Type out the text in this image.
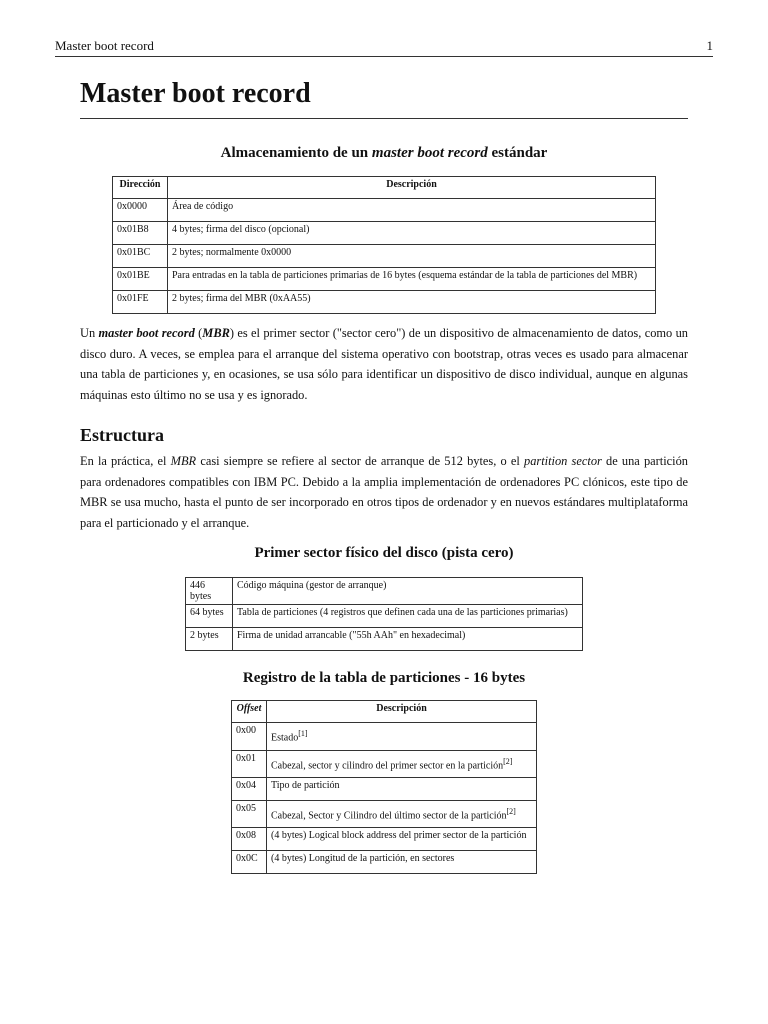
Master boot record	1
Master boot record
Almacenamiento de un master boot record estándar
Dirección	Descripción
0x0000	Área de código
0x01B8	4 bytes; firma del disco (opcional)
0x01BC	2 bytes; normalmente 0x0000
0x01BE	Para entradas en la tabla de particiones primarias de 16 bytes (esquema estándar de la tabla de particiones del MBR)
0x01FE	2 bytes; firma del MBR (0xAA55)

Un master boot record (MBR) es el primer sector ("sector cero") de un dispositivo de almacenamiento de datos, como un disco duro. A veces, se emplea para el arranque del sistema operativo con bootstrap, otras veces es usado para almacenar una tabla de particiones y, en ocasiones, se usa sólo para identificar un dispositivo de disco individual, aunque en algunas máquinas esto último no se usa y es ignorado.

Estructura

En la práctica, el MBR casi siempre se refiere al sector de arranque de 512 bytes, o el partition sector de una partición para ordenadores compatibles con IBM PC. Debido a la amplia implementación de ordenadores PC clónicos, este tipo de MBR se usa mucho, hasta el punto de ser incorporado en otros tipos de ordenador y en nuevos estándares multiplataforma para el particionado y el arranque.

Primer sector físico del disco (pista cero)
446 bytes	Código máquina (gestor de arranque)
64 bytes	Tabla de particiones (4 registros que definen cada una de las particiones primarias)
2 bytes	Firma de unidad arrancable ("55h AAh" en hexadecimal)
Registro de la tabla de particiones - 16 bytes
Offset	Descripción
0x00	Estado[1]
0x01	Cabezal, sector y cilindro del primer sector en la partición[2]
0x04	Tipo de partición
0x05	Cabezal, Sector y Cilindro del último sector de la partición[2]
0x08	(4 bytes) Logical block address del primer sector de la partición
0x0C	(4 bytes) Longitud de la partición, en sectores
